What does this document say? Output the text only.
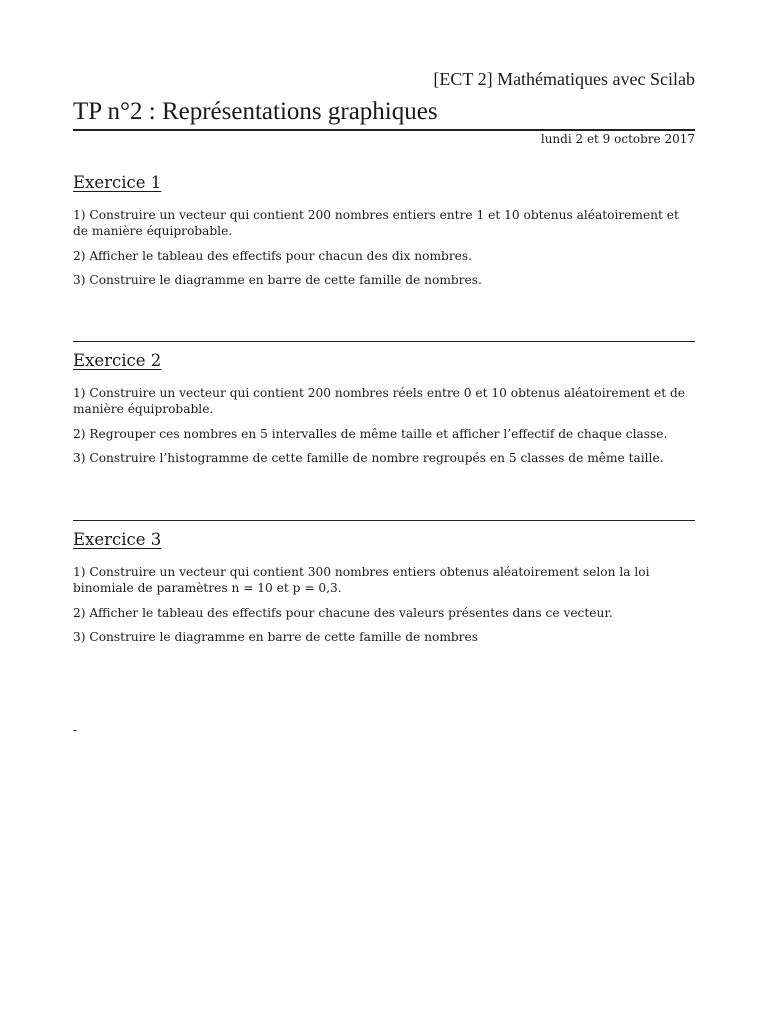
[ECT 2] Mathématiques avec Scilab
TP n°2 : Représentations graphiques
lundi 2 et 9 octobre 2017
Exercice 1

1) Construire un vecteur qui contient 200 nombres entiers entre 1 et 10 obtenus aléatoirement et de manière équiprobable.

2) Afficher le tableau des effectifs pour chacun des dix nombres.

3) Construire le diagramme en barre de cette famille de nombres.

Exercice 2

1) Construire un vecteur qui contient 200 nombres réels entre 0 et 10 obtenus aléatoirement et de manière équiprobable.

2) Regrouper ces nombres en 5 intervalles de même taille et afficher l’effectif de chaque classe.

3) Construire l’histogramme de cette famille de nombre regroupés en 5 classes de même taille.

Exercice 3

1) Construire un vecteur qui contient 300 nombres entiers obtenus aléatoirement selon la loi binomiale de paramètres n = 10 et p = 0,3.

2) Afficher le tableau des effectifs pour chacune des valeurs présentes dans ce vecteur.

3) Construire le diagramme en barre de cette famille de nombres

-
